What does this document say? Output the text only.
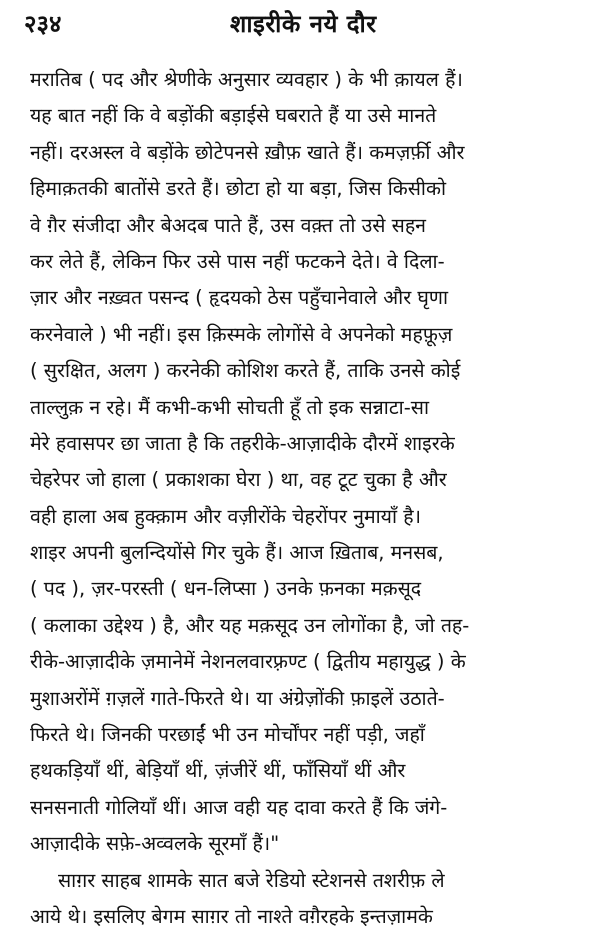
२३४	शाइरीके नये दौर
मरातिब ( पद और श्रेणीके अनुसार व्यवहार ) के भी क़ायल हैं।
यह बात नहीं कि वे बड़ोंकी बड़ाईसे घबराते हैं या उसे मानते
नहीं। दरअस्ल वे बड़ोंके छोटेपनसे ख़ौफ़ खाते हैं। कमज़र्फ़ी और
हिमाक़तकी बातोंसे डरते हैं। छोटा हो या बड़ा, जिस किसीको
वे ग़ैर संजीदा और बेअदब पाते हैं, उस वक़्त तो उसे सहन
कर लेते हैं, लेकिन फिर उसे पास नहीं फटकने देते। वे दिला-
ज़ार और नख़्वत पसन्द ( हृदयको ठेस पहुँचानेवाले और घृणा
करनेवाले ) भी नहीं। इस क़िस्मके लोगोंसे वे अपनेको महफ़ूज़
( सुरक्षित, अलग ) करनेकी कोशिश करते हैं, ताकि उनसे कोई
ताल्लुक़ न रहे। मैं कभी-कभी सोचती हूँ तो इक सन्नाटा-सा
मेरे हवासपर छा जाता है कि तहरीके-आज़ादीके दौरमें शाइरके
चेहरेपर जो हाला ( प्रकाशका घेरा ) था, वह टूट चुका है और
वही हाला अब हुक्क़ाम और वज़ीरोंके चेहरोंपर नुमायाँ है।
शाइर अपनी बुलन्दियोंसे गिर चुके हैं। आज ख़िताब, मनसब,
( पद ), ज़र-परस्ती ( धन-लिप्सा ) उनके फ़नका मक़सूद
( कलाका उद्देश्य ) है, और यह मक़सूद उन लोगोंका है, जो तह-
रीके-आज़ादीके ज़मानेमें नेशनलवारफ़्रण्ट ( द्वितीय महायुद्ध ) के
मुशाअरोंमें ग़ज़लें गाते-फिरते थे। या अंग्रेज़ोंकी फ़ाइलें उठाते-
फिरते थे। जिनकी परछाईं भी उन मोर्चोंपर नहीं पड़ी, जहाँ
हथकड़ियाँ थीं, बेड़ियाँ थीं, ज़ंजीरें थीं, फाँसियाँ थीं और
सनसनाती गोलियाँ थीं। आज वही यह दावा करते हैं कि जंगे-
आज़ादीके सफ़े-अव्वलके सूरमाँ हैं।"
साग़र साहब शामके सात बजे रेडियो स्टेशनसे तशरीफ़ ले
आये थे। इसलिए बेगम साग़र तो नाश्ते वग़ैरहके इन्तज़ामके
